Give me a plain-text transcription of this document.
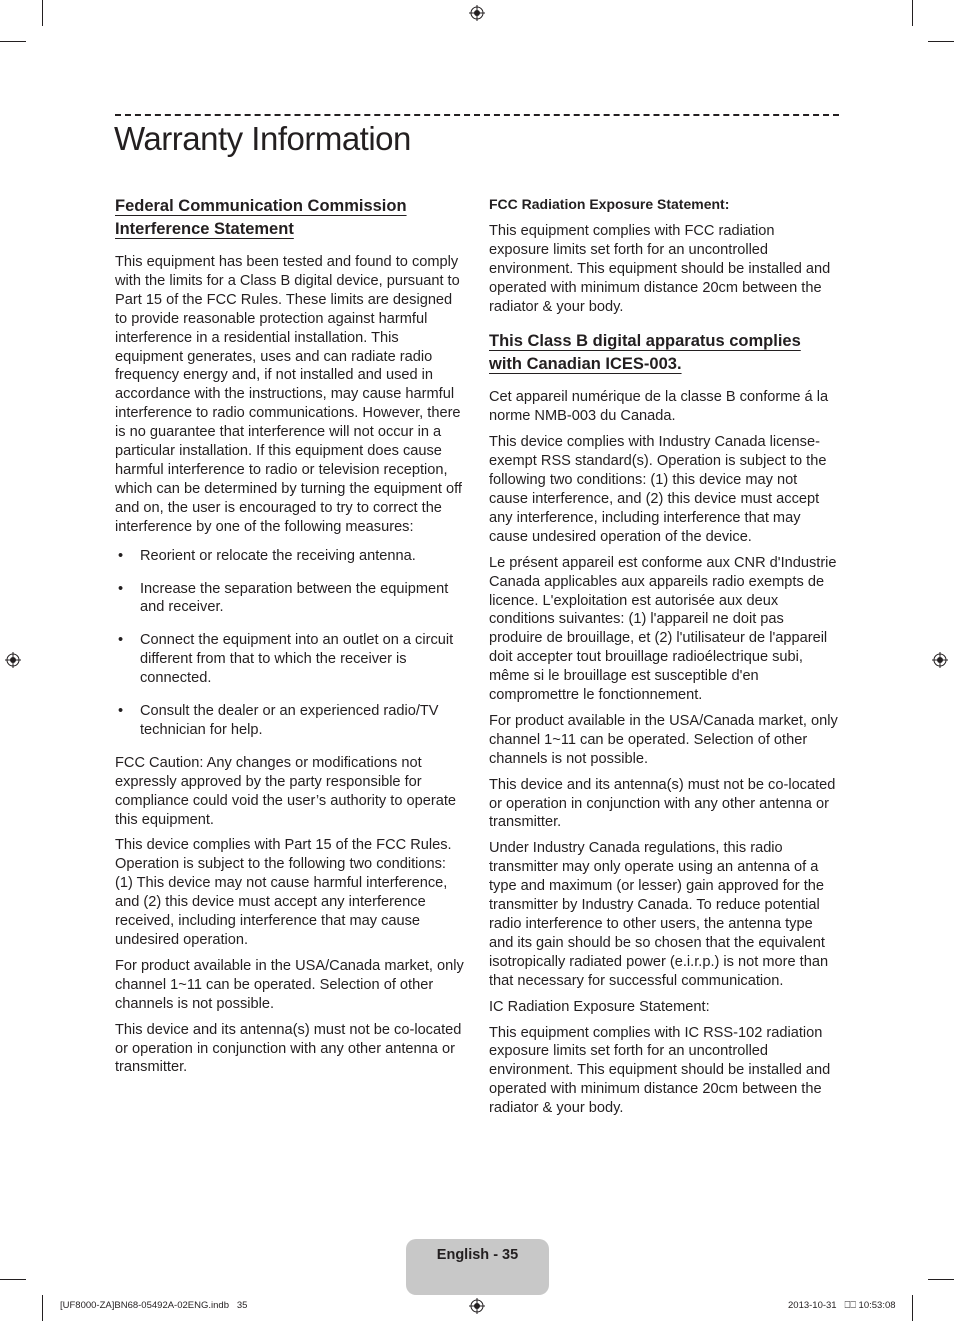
Warranty Information
Federal Communication Commission Interference Statement

This equipment has been tested and found to comply with the limits for a Class B digital device, pursuant to Part 15 of the FCC Rules. These limits are designed to provide reasonable protection against harmful interference in a residential installation. This equipment generates, uses and can radiate radio frequency energy and, if not installed and used in accordance with the instructions, may cause harmful interference to radio communications. However, there is no guarantee that interference will not occur in a particular installation. If this equipment does cause harmful interference to radio or television reception, which can be determined by turning the equipment off and on, the user is encouraged to try to correct the interference by one of the following measures:

• Reorient or relocate the receiving antenna.
• Increase the separation between the equipment and receiver.
• Connect the equipment into an outlet on a circuit different from that to which the receiver is connected.
• Consult the dealer or an experienced radio/TV technician for help.

FCC Caution: Any changes or modifications not expressly approved by the party responsible for compliance could void the user’s authority to operate this equipment.

This device complies with Part 15 of the FCC Rules. Operation is subject to the following two conditions: (1) This device may not cause harmful interference, and (2) this device must accept any interference received, including interference that may cause undesired operation.

For product available in the USA/Canada market, only channel 1~11 can be operated. Selection of other channels is not possible.

This device and its antenna(s) must not be co-located or operation in conjunction with any other antenna or transmitter.

FCC Radiation Exposure Statement:

This equipment complies with FCC radiation exposure limits set forth for an uncontrolled environment. This equipment should be installed and operated with minimum distance 20cm between the radiator & your body.

This Class B digital apparatus complies with Canadian ICES-003.

Cet appareil numérique de la classe B conforme á la norme NMB-003 du Canada.

This device complies with Industry Canada license-exempt RSS standard(s). Operation is subject to the following two conditions: (1) this device may not cause interference, and (2) this device must accept any interference, including interference that may cause undesired operation of the device.

Le présent appareil est conforme aux CNR d'Industrie Canada applicables aux appareils radio exempts de licence. L'exploitation est autorisée aux deux conditions suivantes: (1) l'appareil ne doit pas produire de brouillage, et (2) l'utilisateur de l'appareil doit accepter tout brouillage radioélectrique subi, même si le brouillage est susceptible d'en compromettre le fonctionnement.

For product available in the USA/Canada market, only channel 1~11 can be operated. Selection of other channels is not possible.

This device and its antenna(s) must not be co-located or operation in conjunction with any other antenna or transmitter.

Under Industry Canada regulations, this radio transmitter may only operate using an antenna of a type and maximum (or lesser) gain approved for the transmitter by Industry Canada. To reduce potential radio interference to other users, the antenna type and its gain should be so chosen that the equivalent isotropically radiated power (e.i.r.p.) is not more than that necessary for successful communication.

IC Radiation Exposure Statement:

This equipment complies with IC RSS-102 radiation exposure limits set forth for an uncontrolled environment. This equipment should be installed and operated with minimum distance 20cm between the radiator & your body.

English - 35
[UF8000-ZA]BN68-05492A-02ENG.indb   35	2013-10-31   ⎕⎕ 10:53:08
